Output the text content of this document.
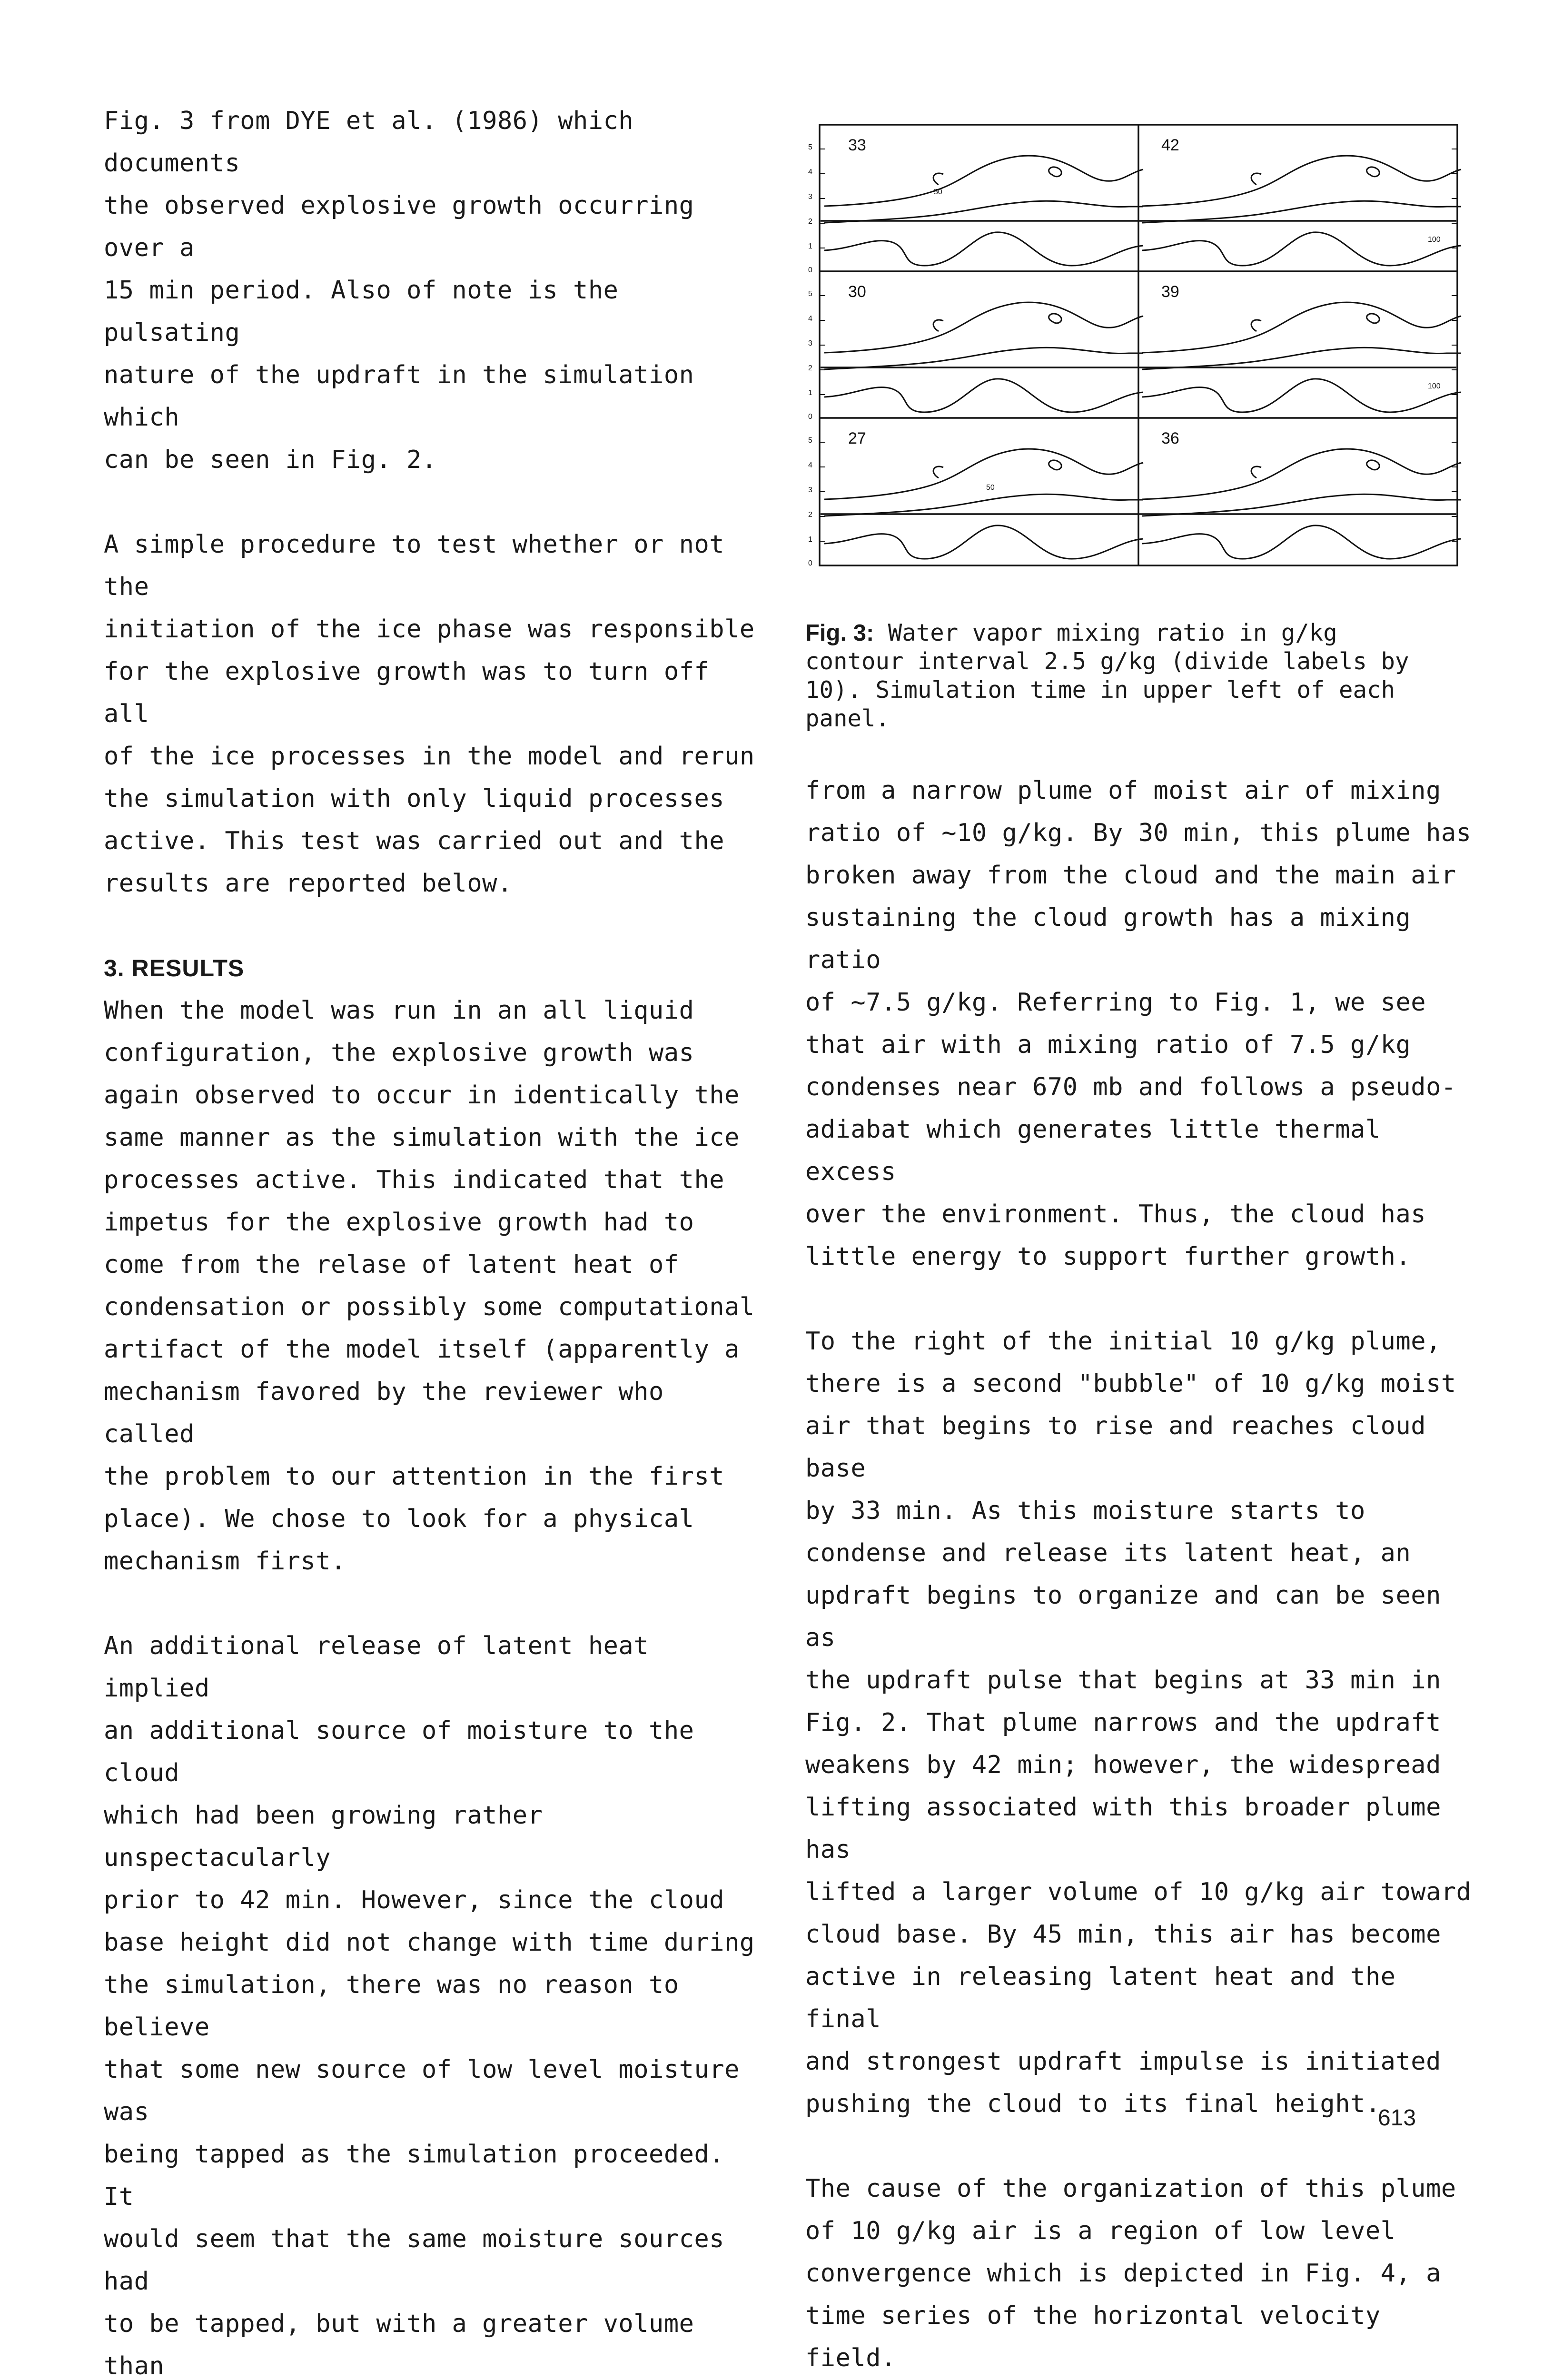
Fig. 3 from DYE et al. (1986) which documents
the observed explosive growth occurring over a
15 min period. Also of note is the pulsating
nature of the updraft in the simulation which
can be seen in Fig. 2.

A simple procedure to test whether or not the
initiation of the ice phase was responsible
for the explosive growth was to turn off all
of the ice processes in the model and rerun
the simulation with only liquid processes
active. This test was carried out and the
results are reported below.

3. RESULTS

When the model was run in an all liquid
configuration, the explosive growth was
again observed to occur in identically the
same manner as the simulation with the ice
processes active. This indicated that the
impetus for the explosive growth had to
come from the relase of latent heat of
condensation or possibly some computational
artifact of the model itself (apparently a
mechanism favored by the reviewer who called
the problem to our attention in the first
place). We chose to look for a physical
mechanism first.

An additional release of latent heat implied
an additional source of moisture to the cloud
which had been growing rather unspectacularly
prior to 42 min. However, since the cloud
base height did not change with time during
the simulation, there was no reason to believe
that some new source of low level moisture was
being tapped as the simulation proceeded. It
would seem that the same moisture sources had
to be tapped, but with a greater volume than

0
1
2
3
4
5
0
1
2
3
4
5
0
1
2
3
4
5 33
50
42
100
30	39
100
27
50
36

Fig. 3: Water vapor mixing ratio in g/kg
contour interval 2.5 g/kg (divide labels by
10). Simulation time in upper left of each
panel.

from a narrow plume of moist air of mixing
ratio of ~10 g/kg. By 30 min, this plume has
broken away from the cloud and the main air
sustaining the cloud growth has a mixing ratio
of ~7.5 g/kg. Referring to Fig. 1, we see
that air with a mixing ratio of 7.5 g/kg
condenses near 670 mb and follows a pseudo-
adiabat which generates little thermal excess
over the environment. Thus, the cloud has
little energy to support further growth.

To the right of the initial 10 g/kg plume,
there is a second "bubble" of 10 g/kg moist
air that begins to rise and reaches cloud base
by 33 min. As this moisture starts to
condense and release its latent heat, an
updraft begins to organize and can be seen as
the updraft pulse that begins at 33 min in
Fig. 2. That plume narrows and the updraft
weakens by 42 min; however, the widespread
lifting associated with this broader plume has
lifted a larger volume of 10 g/kg air toward
cloud base. By 45 min, this air has become
active in releasing latent heat and the final
and strongest updraft impulse is initiated
pushing the cloud to its final height.

The cause of the organization of this plume
of 10 g/kg air is a region of low level
convergence which is depicted in Fig. 4, a
time series of the horizontal velocity field.

613
